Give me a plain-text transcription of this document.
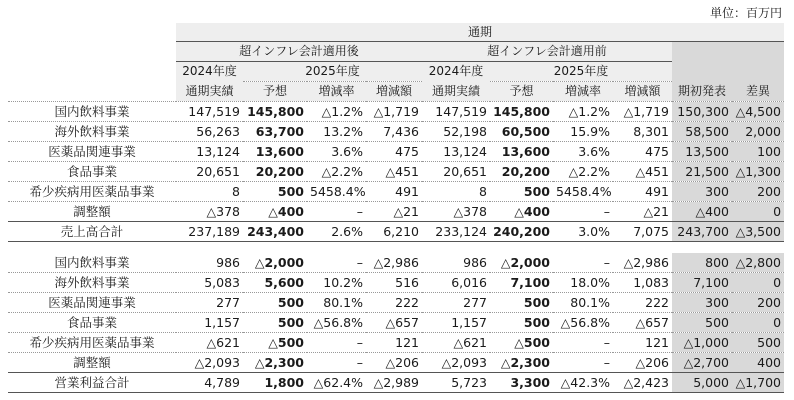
単位：百万円
	通期									
	超インフレ会計適用後				超インフレ会計適用前					
	2024年度	2025年度			2024年度	2025年度				
	通期実績	予想	増減率	増減額	通期実績	予想	増減率	増減額	期初発表	差異
国内飲料事業	147,519	145,800	△1.2%	△1,719	147,519	145,800	△1.2%	△1,719	150,300	△4,500
海外飲料事業	56,263	63,700	13.2%	7,436	52,198	60,500	15.9%	8,301	58,500	2,000
医薬品関連事業	13,124	13,600	3.6%	475	13,124	13,600	3.6%	475	13,500	100
食品事業	20,651	20,200	△2.2%	△451	20,651	20,200	△2.2%	△451	21,500	△1,300
希少疾病用医薬品事業	8	500	5458.4%	491	8	500	5458.4%	491	300	200
調整額	△378	△400	–	△21	△378	△400	–	△21	△400	0
売上高合計	237,189	243,400	2.6%	6,210	233,124	240,200	3.0%	7,075	243,700	△3,500

国内飲料事業	986	△2,000	–	△2,986	986	△2,000	–	△2,986	800	△2,800
海外飲料事業	5,083	5,600	10.2%	516	6,016	7,100	18.0%	1,083	7,100	0
医薬品関連事業	277	500	80.1%	222	277	500	80.1%	222	300	200
食品事業	1,157	500	△56.8%	△657	1,157	500	△56.8%	△657	500	0
希少疾病用医薬品事業	△621	△500	–	121	△621	△500	–	121	△1,000	500
調整額	△2,093	△2,300	–	△206	△2,093	△2,300	–	△206	△2,700	400
営業利益合計	4,789	1,800	△62.4%	△2,989	5,723	3,300	△42.3%	△2,423	5,000	△1,700
